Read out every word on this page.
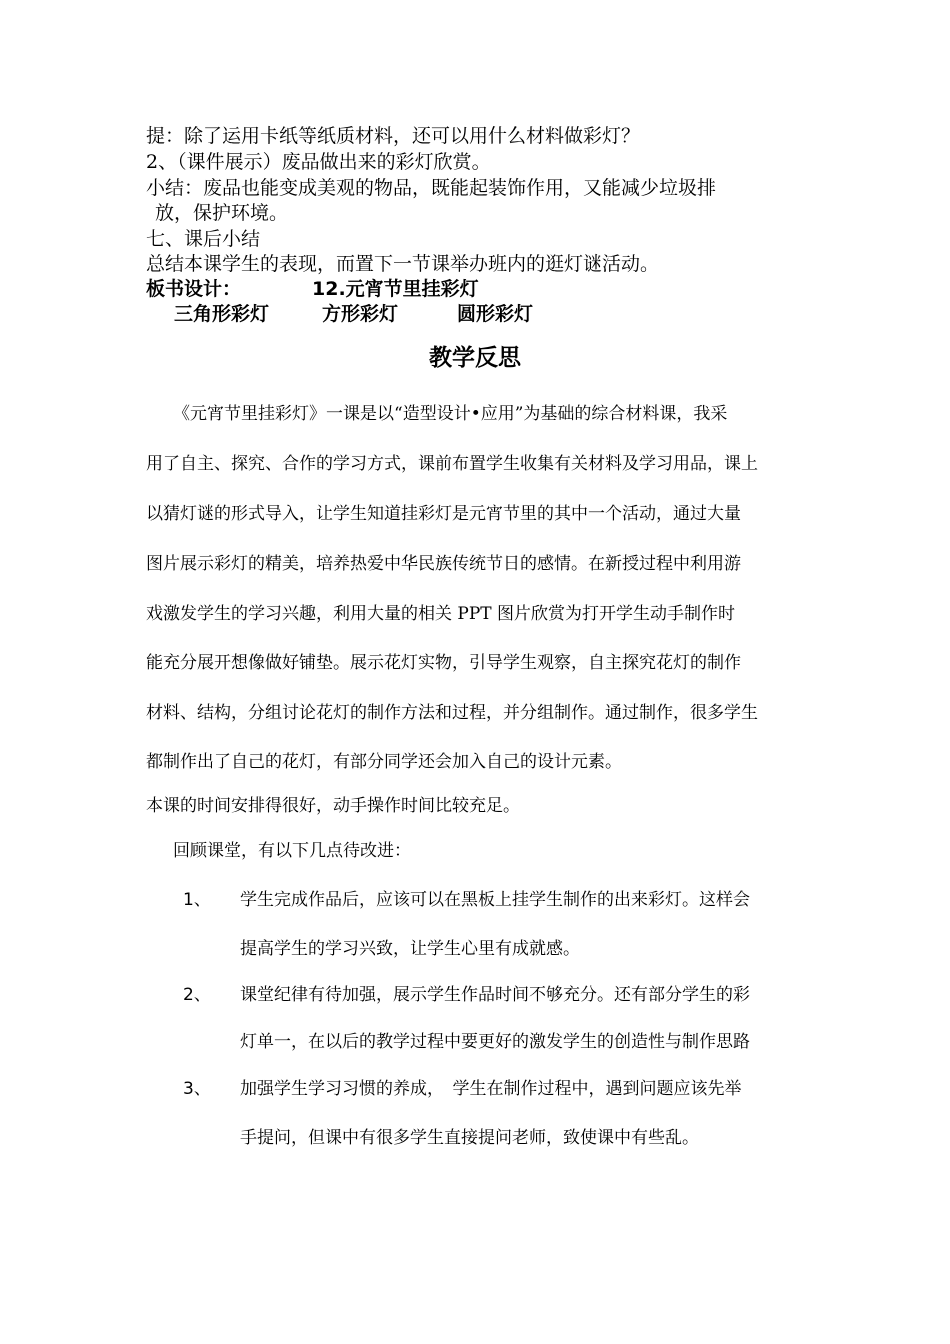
提：除了运用卡纸等纸质材料，还可以用什么材料做彩灯？
2、（课件展示）废品做出来的彩灯欣赏。
小结：废品也能变成美观的物品，既能起装饰作用，又能减少垃圾排
放，保护环境。
七、课后小结
总结本课学生的表现，而置下一节课举办班内的逛灯谜活动。
板书设计：	12.元宵节里挂彩灯
三角形彩灯	方形彩灯	圆形彩灯
教学反思
《元宵节里挂彩灯》一课是以“造型设计•应用”为基础的综合材料课，我采
用了自主、探究、合作的学习方式，课前布置学生收集有关材料及学习用品，课上
以猜灯谜的形式导入，让学生知道挂彩灯是元宵节里的其中一个活动，通过大量
图片展示彩灯的精美，培养热爱中华民族传统节日的感情。在新授过程中利用游
戏激发学生的学习兴趣，利用大量的相关 PPT 图片欣赏为打开学生动手制作时
能充分展开想像做好铺垫。展示花灯实物，引导学生观察，自主探究花灯的制作
材料、结构，分组讨论花灯的制作方法和过程，并分组制作。通过制作，很多学生
都制作出了自己的花灯，有部分同学还会加入自己的设计元素。
本课的时间安排得很好，动手操作时间比较充足。
回顾课堂，有以下几点待改进：
1、 学生完成作品后，应该可以在黑板上挂学生制作的出来彩灯。这样会
提高学生的学习兴致，让学生心里有成就感。
2、 课堂纪律有待加强，展示学生作品时间不够充分。还有部分学生的彩
灯单一，在以后的教学过程中要更好的激发学生的创造性与制作思路
3、 加强学生学习习惯的养成，　学生在制作过程中，遇到问题应该先举
手提问，但课中有很多学生直接提问老师，致使课中有些乱。
